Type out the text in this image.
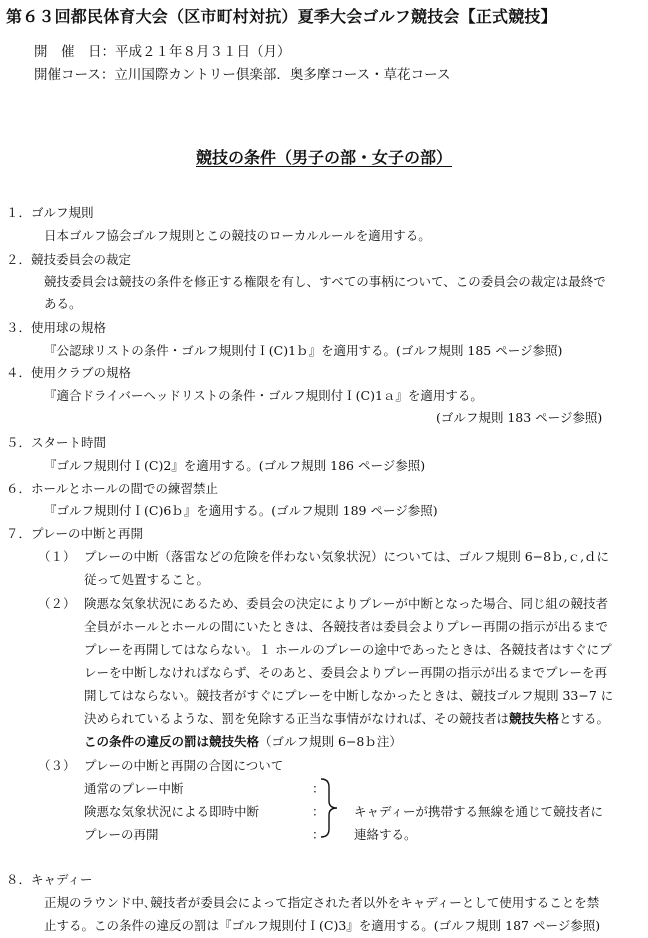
第６３回都民体育大会（区市町村対抗）夏季大会ゴルフ競技会【正式競技】
開　催　日：平成２１年８月３１日（月）
開催コース：立川国際カントリー倶楽部．奥多摩コース・草花コース
競技の条件（男子の部・女子の部）
１．ゴルフ規則
日本ゴルフ協会ゴルフ規則とこの競技のローカルルールを適用する。
２．競技委員会の裁定
競技委員会は競技の条件を修正する権限を有し、すべての事柄について、この委員会の裁定は最終で
ある。
３．使用球の規格
『公認球リストの条件・ゴルフ規則付Ｉ(C)1ｂ』を適用する。(ゴルフ規則 185 ページ参照)
４．使用クラブの規格
『適合ドライバーヘッドリストの条件・ゴルフ規則付Ｉ(C)1ａ』を適用する。
(ゴルフ規則 183 ページ参照)
５．スタート時間
『ゴルフ規則付Ｉ(C)2』を適用する。(ゴルフ規則 186 ページ参照)
６．ホールとホールの間での練習禁止
『ゴルフ規則付Ｉ(C)6ｂ』を適用する。(ゴルフ規則 189 ページ参照)
７．プレーの中断と再開
（１） プレーの中断（落雷などの危険を伴わない気象状況）については、ゴルフ規則 6−8ｂ,ｃ,ｄに
従って処置すること。
（２） 険悪な気象状況にあるため、委員会の決定によりプレーが中断となった場合、同じ組の競技者
全員がホールとホールの間にいたときは、各競技者は委員会よりプレー再開の指示が出るまで
プレーを再開してはならない。１ ホールのプレーの途中であったときは、各競技者はすぐにプ
レーを中断しなければならず、そのあと、委員会よりプレー再開の指示が出るまでプレーを再
開してはならない。競技者がすぐにプレーを中断しなかったときは、競技ゴルフ規則 33−7 に
決められているような、罰を免除する正当な事情がなければ、その競技者は競技失格とする。
この条件の違反の罰は競技失格（ゴルフ規則 6−8ｂ注）
（３） プレーの中断と再開の合図について
通常のプレー中断
険悪な気象状況による即時中断
プレーの再開
：
：
：
キャディーが携帯する無線を通じて競技者に
連絡する。
８．キャディー
正規のラウンド中､競技者が委員会によって指定された者以外をキャディーとして使用することを禁
止する。この条件の違反の罰は『ゴルフ規則付Ｉ(C)3』を適用する。(ゴルフ規則 187 ページ参照)
